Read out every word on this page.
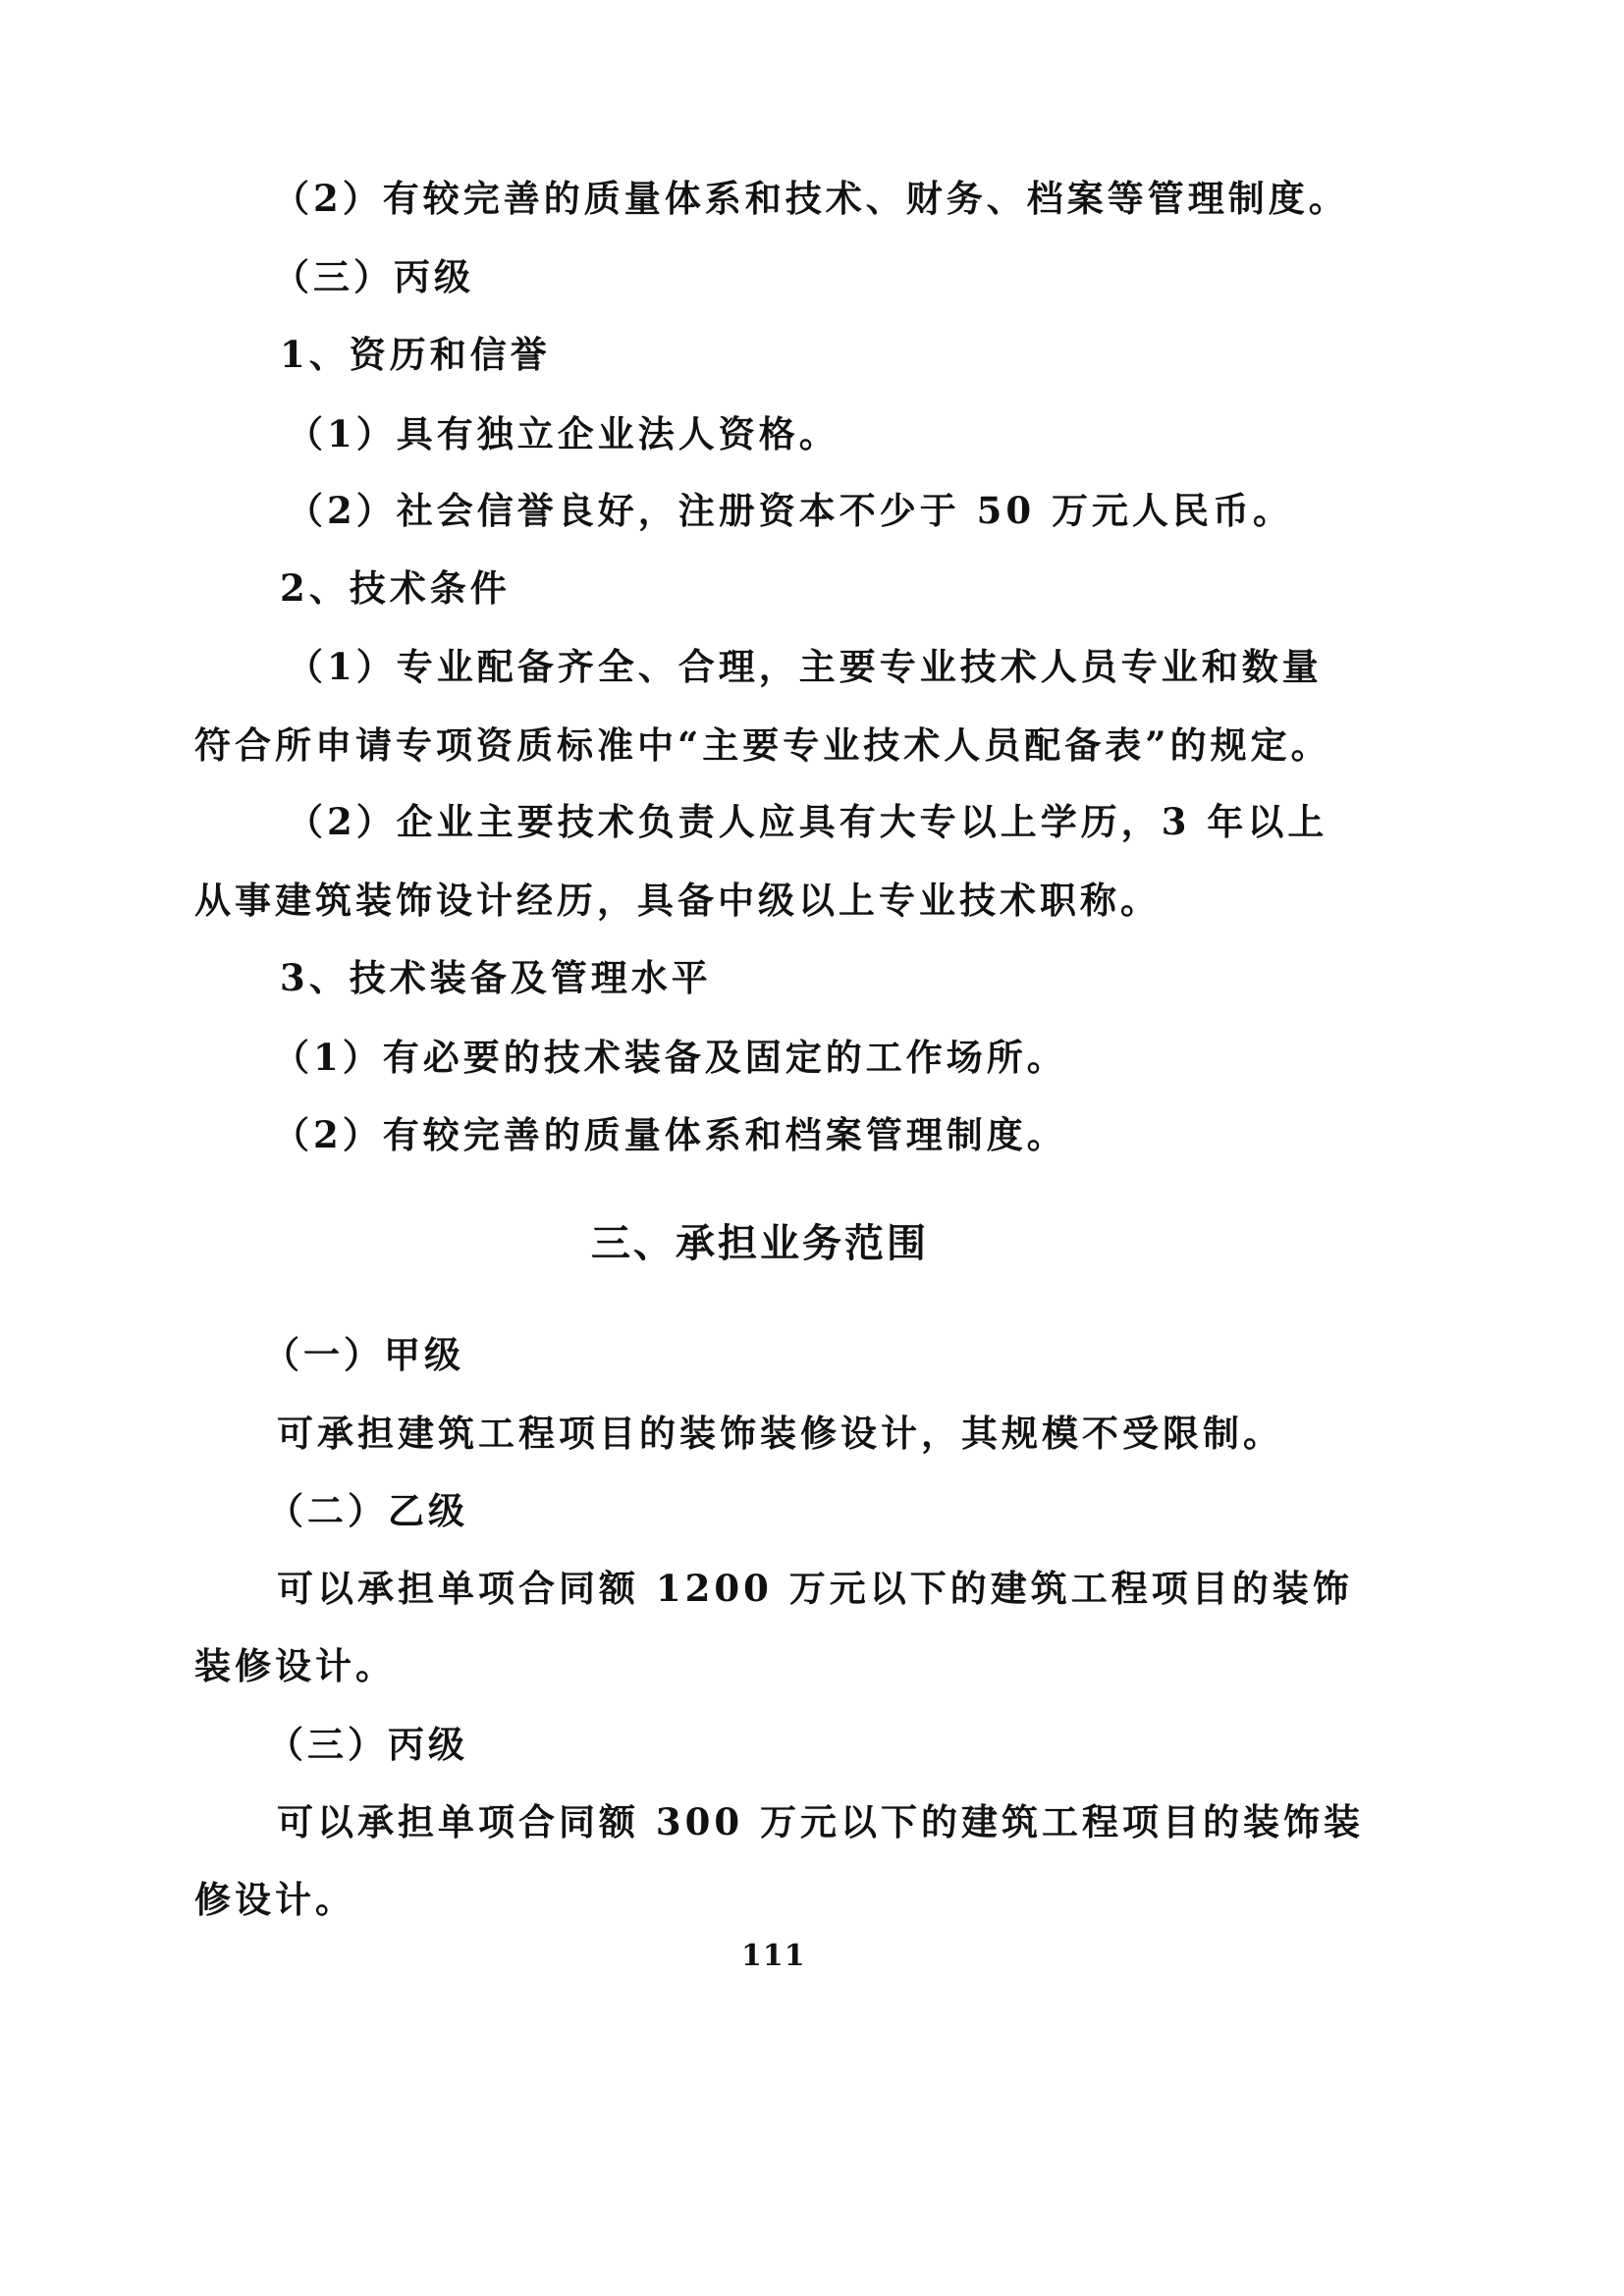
（2）有较完善的质量体系和技术、财务、档案等管理制度。
（三）丙级
1、资历和信誉
（1）具有独立企业法人资格。
（2）社会信誉良好，注册资本不少于 50 万元人民币。
2、技术条件
（1）专业配备齐全、合理，主要专业技术人员专业和数量
符合所申请专项资质标准中“主要专业技术人员配备表”的规定。
（2）企业主要技术负责人应具有大专以上学历，3 年以上
从事建筑装饰设计经历，具备中级以上专业技术职称。
3、技术装备及管理水平
（1）有必要的技术装备及固定的工作场所。
（2）有较完善的质量体系和档案管理制度。
三、承担业务范围
（一）甲级
可承担建筑工程项目的装饰装修设计，其规模不受限制。
（二）乙级
可以承担单项合同额 1200 万元以下的建筑工程项目的装饰
装修设计。
（三）丙级
可以承担单项合同额 300 万元以下的建筑工程项目的装饰装
修设计。
111
